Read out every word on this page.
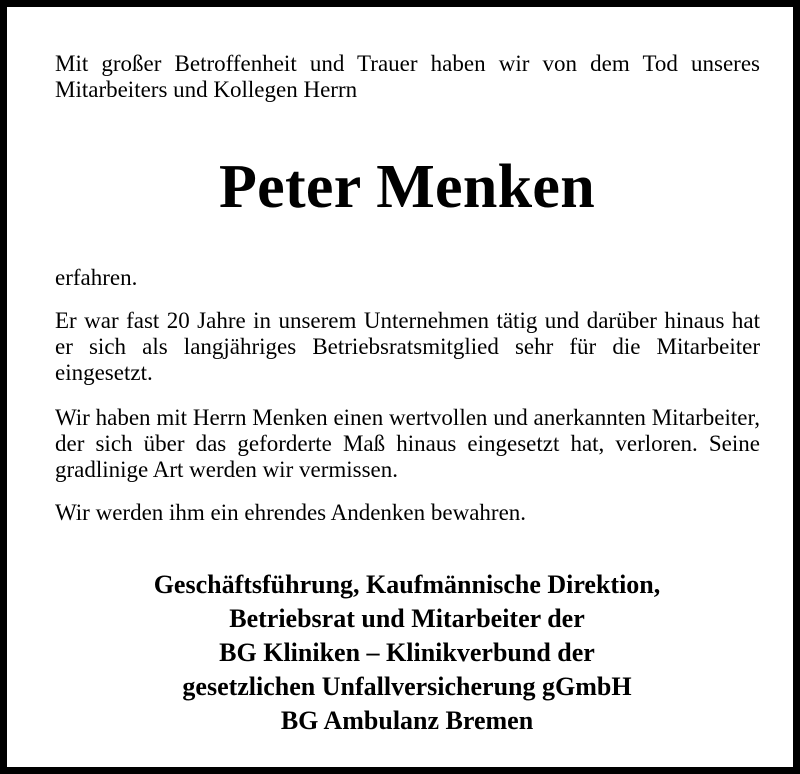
Mit großer Betroffenheit und Trauer haben wir von dem Tod unseres Mitarbeiters und Kollegen Herrn

Peter Menken

erfahren.

Er war fast 20 Jahre in unserem Unternehmen tätig und darüber hinaus hat er sich als langjähriges Betriebsratsmitglied sehr für die Mitarbeiter eingesetzt.

Wir haben mit Herrn Menken einen wertvollen und anerkannten Mitarbeiter, der sich über das geforderte Maß hinaus eingesetzt hat, verloren. Seine gradlinige Art werden wir vermissen.

Wir werden ihm ein ehrendes Andenken bewahren.

Geschäftsführung, Kaufmännische Direktion,
Betriebsrat und Mitarbeiter der
BG Kliniken – Klinikverbund der
gesetzlichen Unfallversicherung gGmbH
BG Ambulanz Bremen
